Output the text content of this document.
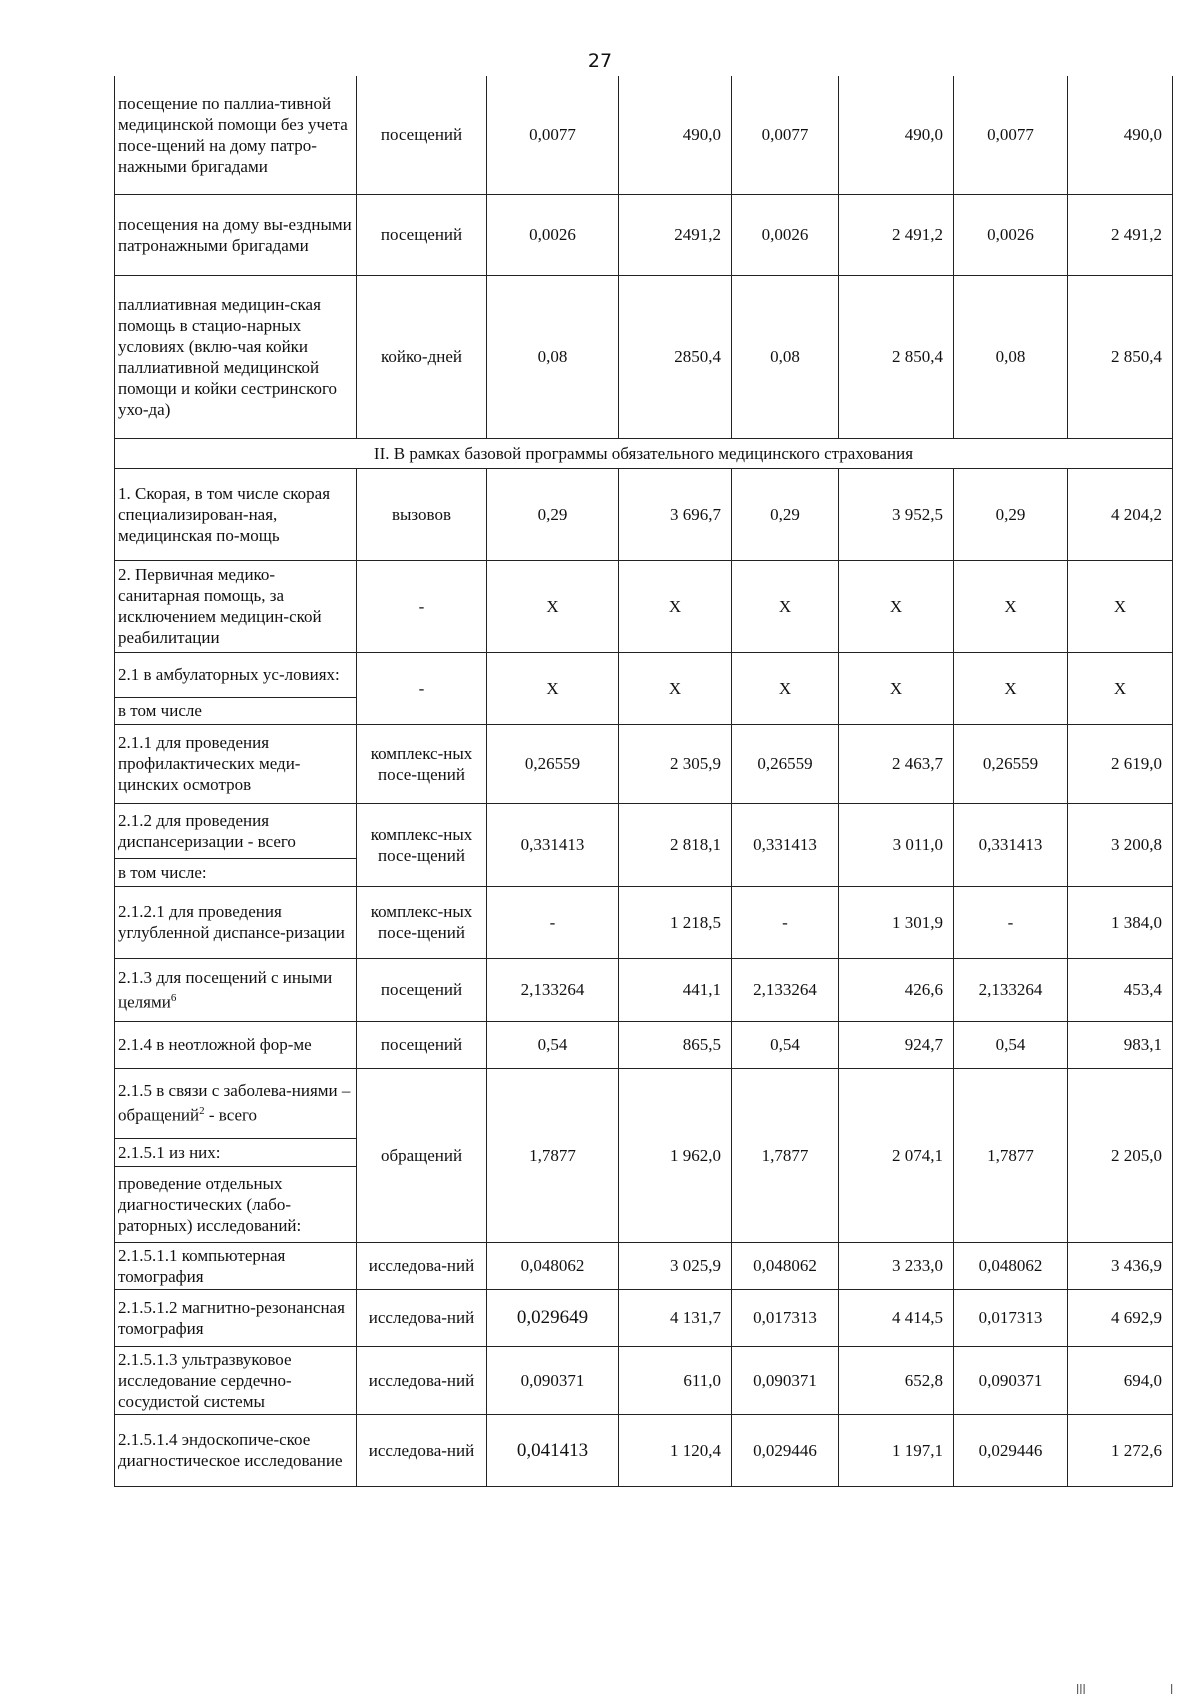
27
посещение по паллиа-тивной медицинской помощи без учета посе-щений на дому патро-нажными бригадами	посещений	0,0077	490,0	0,0077	490,0	0,0077	490,0
посещения на дому вы-ездными патронажными бригадами	посещений	0,0026	2491,2	0,0026	2 491,2	0,0026	2 491,2
паллиативная медицин-ская помощь в стацио-нарных условиях (вклю-чая койки паллиативной медицинской помощи и койки сестринского ухо-да)	койко-дней	0,08	2850,4	0,08	2 850,4	0,08	2 850,4
II. В рамках базовой программы обязательного медицинского страхования							
1. Скорая, в том числе скорая специализирован-ная, медицинская по-мощь	вызовов	0,29	3 696,7	0,29	3 952,5	0,29	4 204,2
2. Первичная медико-санитарная помощь, за исключением медицин-ской реабилитации	-	X	X	X	X	X	X
2.1 в амбулаторных ус-ловиях:	-	X	X	X	X	X	X
в том числе							
2.1.1 для проведения профилактических меди-цинских осмотров	комплекс-ных посе-щений	0,26559	2 305,9	0,26559	2 463,7	0,26559	2 619,0
2.1.2 для проведения диспансеризации - всего	комплекс-ных посе-щений	0,331413	2 818,1	0,331413	3 011,0	0,331413	3 200,8
в том числе:							
2.1.2.1 для проведения углубленной диспансе-ризации	комплекс-ных посе-щений	-	1 218,5	-	1 301,9	-	1 384,0
2.1.3 для посещений с иными целями$^6$	посещений	2,133264	441,1	2,133264	426,6	2,133264	453,4
2.1.4 в неотложной фор-ме	посещений	0,54	865,5	0,54	924,7	0,54	983,1
2.1.5 в связи с заболева-ниями – обращений$^2$ - всего	обращений	1,7877	1 962,0	1,7877	2 074,1	1,7877	2 205,0
2.1.5.1 из них:							
проведение отдельных диагностических (лабо-раторных) исследований:							
2.1.5.1.1 компьютерная томография	исследова-ний	0,048062	3 025,9	0,048062	3 233,0	0,048062	3 436,9
2.1.5.1.2 магнитно-резонансная томография	исследова-ний	0,029649	4 131,7	0,017313	4 414,5	0,017313	4 692,9
2.1.5.1.3 ультразвуковое исследование сердечно-сосудистой системы	исследова-ний	0,090371	611,0	0,090371	652,8	0,090371	694,0
2.1.5.1.4 эндоскопиче-ское диагностическое исследование	исследова-ний	0,041413	1 120,4	0,029446	1 197,1	0,029446	1 272,6
ǀǀǀ	ǀ
